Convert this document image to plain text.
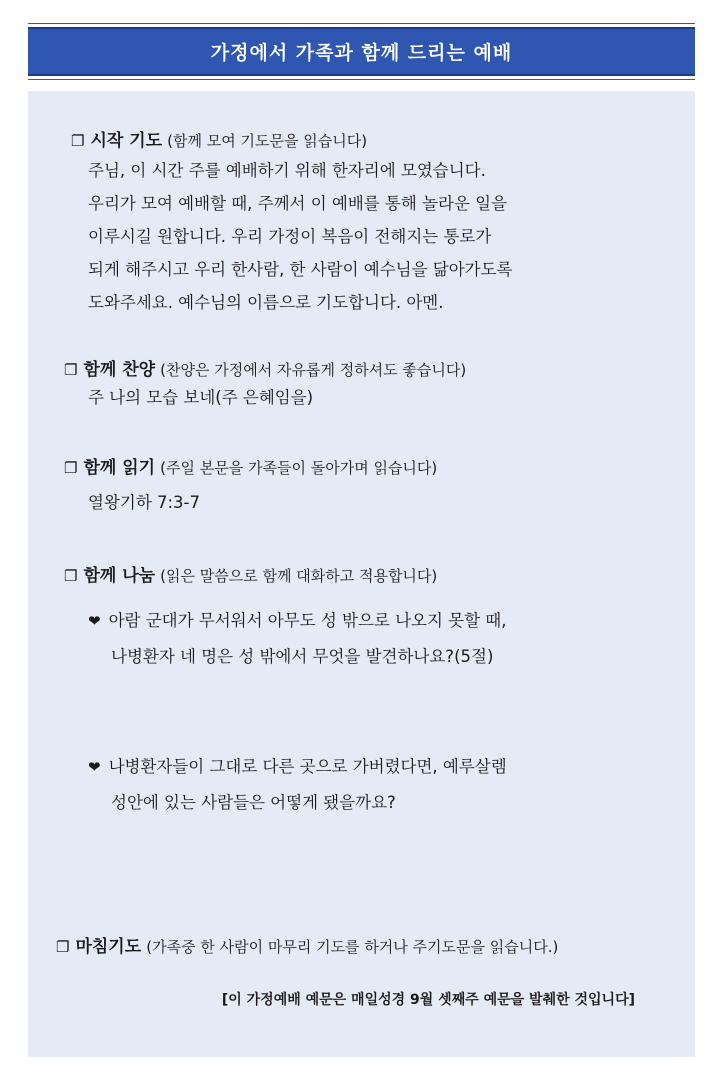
가정에서 가족과 함께 드리는 예배
❐ 시작 기도 (함께 모여 기도문을 읽습니다)
주님, 이 시간 주를 예배하기 위해 한자리에 모였습니다.
우리가 모여 예배할 때, 주께서 이 예배를 통해 놀라운 일을
이루시길 원합니다. 우리 가정이 복음이 전해지는 통로가
되게 해주시고 우리 한사람, 한 사람이 예수님을 닮아가도록
도와주세요. 예수님의 이름으로 기도합니다. 아멘.
❐ 함께 찬양 (찬양은 가정에서 자유롭게 정하셔도 좋습니다)
주 나의 모습 보네(주 은혜임을)
❐ 함께 읽기 (주일 본문을 가족들이 돌아가며 읽습니다)
열왕기하 7:3-7
❐ 함께 나눔 (읽은 말씀으로 함께 대화하고 적용합니다)
❤ 아람 군대가 무서워서 아무도 성 밖으로 나오지 못할 때,
나병환자 네 명은 성 밖에서 무엇을 발견하나요?(5절)
❤ 나병환자들이 그대로 다른 곳으로 가버렸다면, 예루살렘
성안에 있는 사람들은 어떻게 됐을까요?
❐ 마침기도 (가족중 한 사람이 마무리 기도를 하거나 주기도문을 읽습니다.)
[이 가정예배 예문은 매일성경 9월 셋째주 예문을 발췌한 것입니다]
